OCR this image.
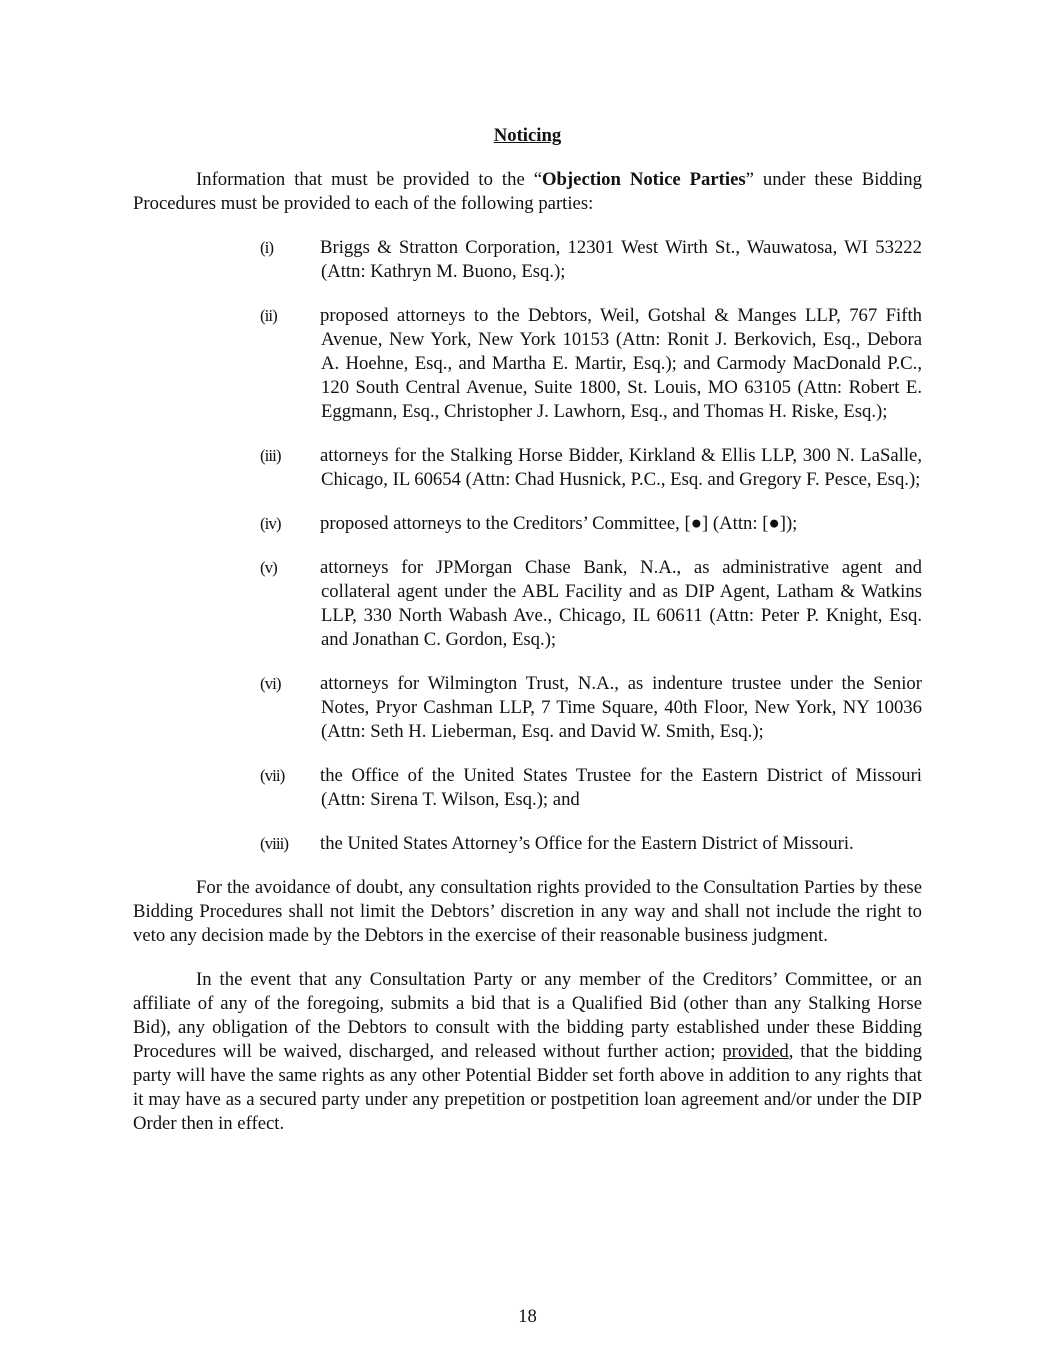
Noticing

Information that must be provided to the “Objection Notice Parties” under these Bidding Procedures must be provided to each of the following parties:

(i)	Briggs & Stratton Corporation, 12301 West Wirth St., Wauwatosa, WI 53222 (Attn: Kathryn M. Buono, Esq.);
(ii) proposed attorneys to the Debtors, Weil, Gotshal & Manges LLP, 767 Fifth Avenue, New York, New York 10153 (Attn: Ronit J. Berkovich, Esq., Debora A. Hoehne, Esq., and Martha E. Martir, Esq.); and Carmody MacDonald P.C., 120 South Central Avenue, Suite 1800, St. Louis, MO 63105 (Attn: Robert E. Eggmann, Esq., Christopher J. Lawhorn, Esq., and Thomas H. Riske, Esq.);
(iii) attorneys for the Stalking Horse Bidder, Kirkland & Ellis LLP, 300 N. LaSalle, Chicago, IL 60654 (Attn: Chad Husnick, P.C., Esq. and Gregory F. Pesce, Esq.);
(iv) proposed attorneys to the Creditors’ Committee, [●] (Attn: [●]);
(v) attorneys for JPMorgan Chase Bank, N.A., as administrative agent and collateral agent under the ABL Facility and as DIP Agent, Latham & Watkins LLP, 330 North Wabash Ave., Chicago, IL 60611 (Attn: Peter P. Knight, Esq. and Jonathan C. Gordon, Esq.);
(vi) attorneys for Wilmington Trust, N.A., as indenture trustee under the Senior Notes, Pryor Cashman LLP, 7 Time Square, 40th Floor, New York, NY 10036 (Attn: Seth H. Lieberman, Esq. and David W. Smith, Esq.);
(vii) the Office of the United States Trustee for the Eastern District of Missouri (Attn: Sirena T. Wilson, Esq.); and
(viii) the United States Attorney’s Office for the Eastern District of Missouri.

For the avoidance of doubt, any consultation rights provided to the Consultation Parties by these Bidding Procedures shall not limit the Debtors’ discretion in any way and shall not include the right to veto any decision made by the Debtors in the exercise of their reasonable business judgment.

In the event that any Consultation Party or any member of the Creditors’ Committee, or an affiliate of any of the foregoing, submits a bid that is a Qualified Bid (other than any Stalking Horse Bid), any obligation of the Debtors to consult with the bidding party established under these Bidding Procedures will be waived, discharged, and released without further action; provided, that the bidding party will have the same rights as any other Potential Bidder set forth above in addition to any rights that it may have as a secured party under any prepetition or postpetition loan agreement and/or under the DIP Order then in effect.

18
